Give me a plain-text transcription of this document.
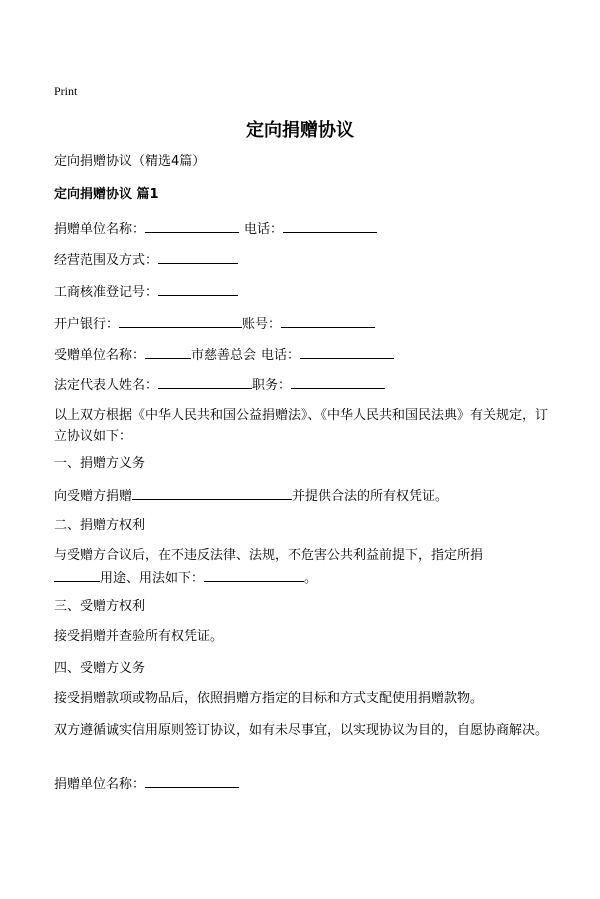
Print
定向捐赠协议
定向捐赠协议（精选4篇）
定向捐赠协议 篇1
捐赠单位名称：	电话：
经营范围及方式：
工商核准登记号：
开户银行：	账号：
受赠单位名称：	市慈善总会 电话：
法定代表人姓名：	职务：
以上双方根据《中华人民共和国公益捐赠法》、《中华人民共和国民法典》有关规定，订立协议如下：
一、捐赠方义务
向受赠方捐赠	并提供合法的所有权凭证。
二、捐赠方权利
与受赠方合议后，在不违反法律、法规，不危害公共利益前提下，指定所捐
用途、用法如下：	。
三、受赠方权利
接受捐赠并查验所有权凭证。
四、受赠方义务
接受捐赠款项或物品后，依照捐赠方指定的目标和方式支配使用捐赠款物。
双方遵循诚实信用原则签订协议，如有未尽事宜，以实现协议为目的，自愿协商解决。
捐赠单位名称：
